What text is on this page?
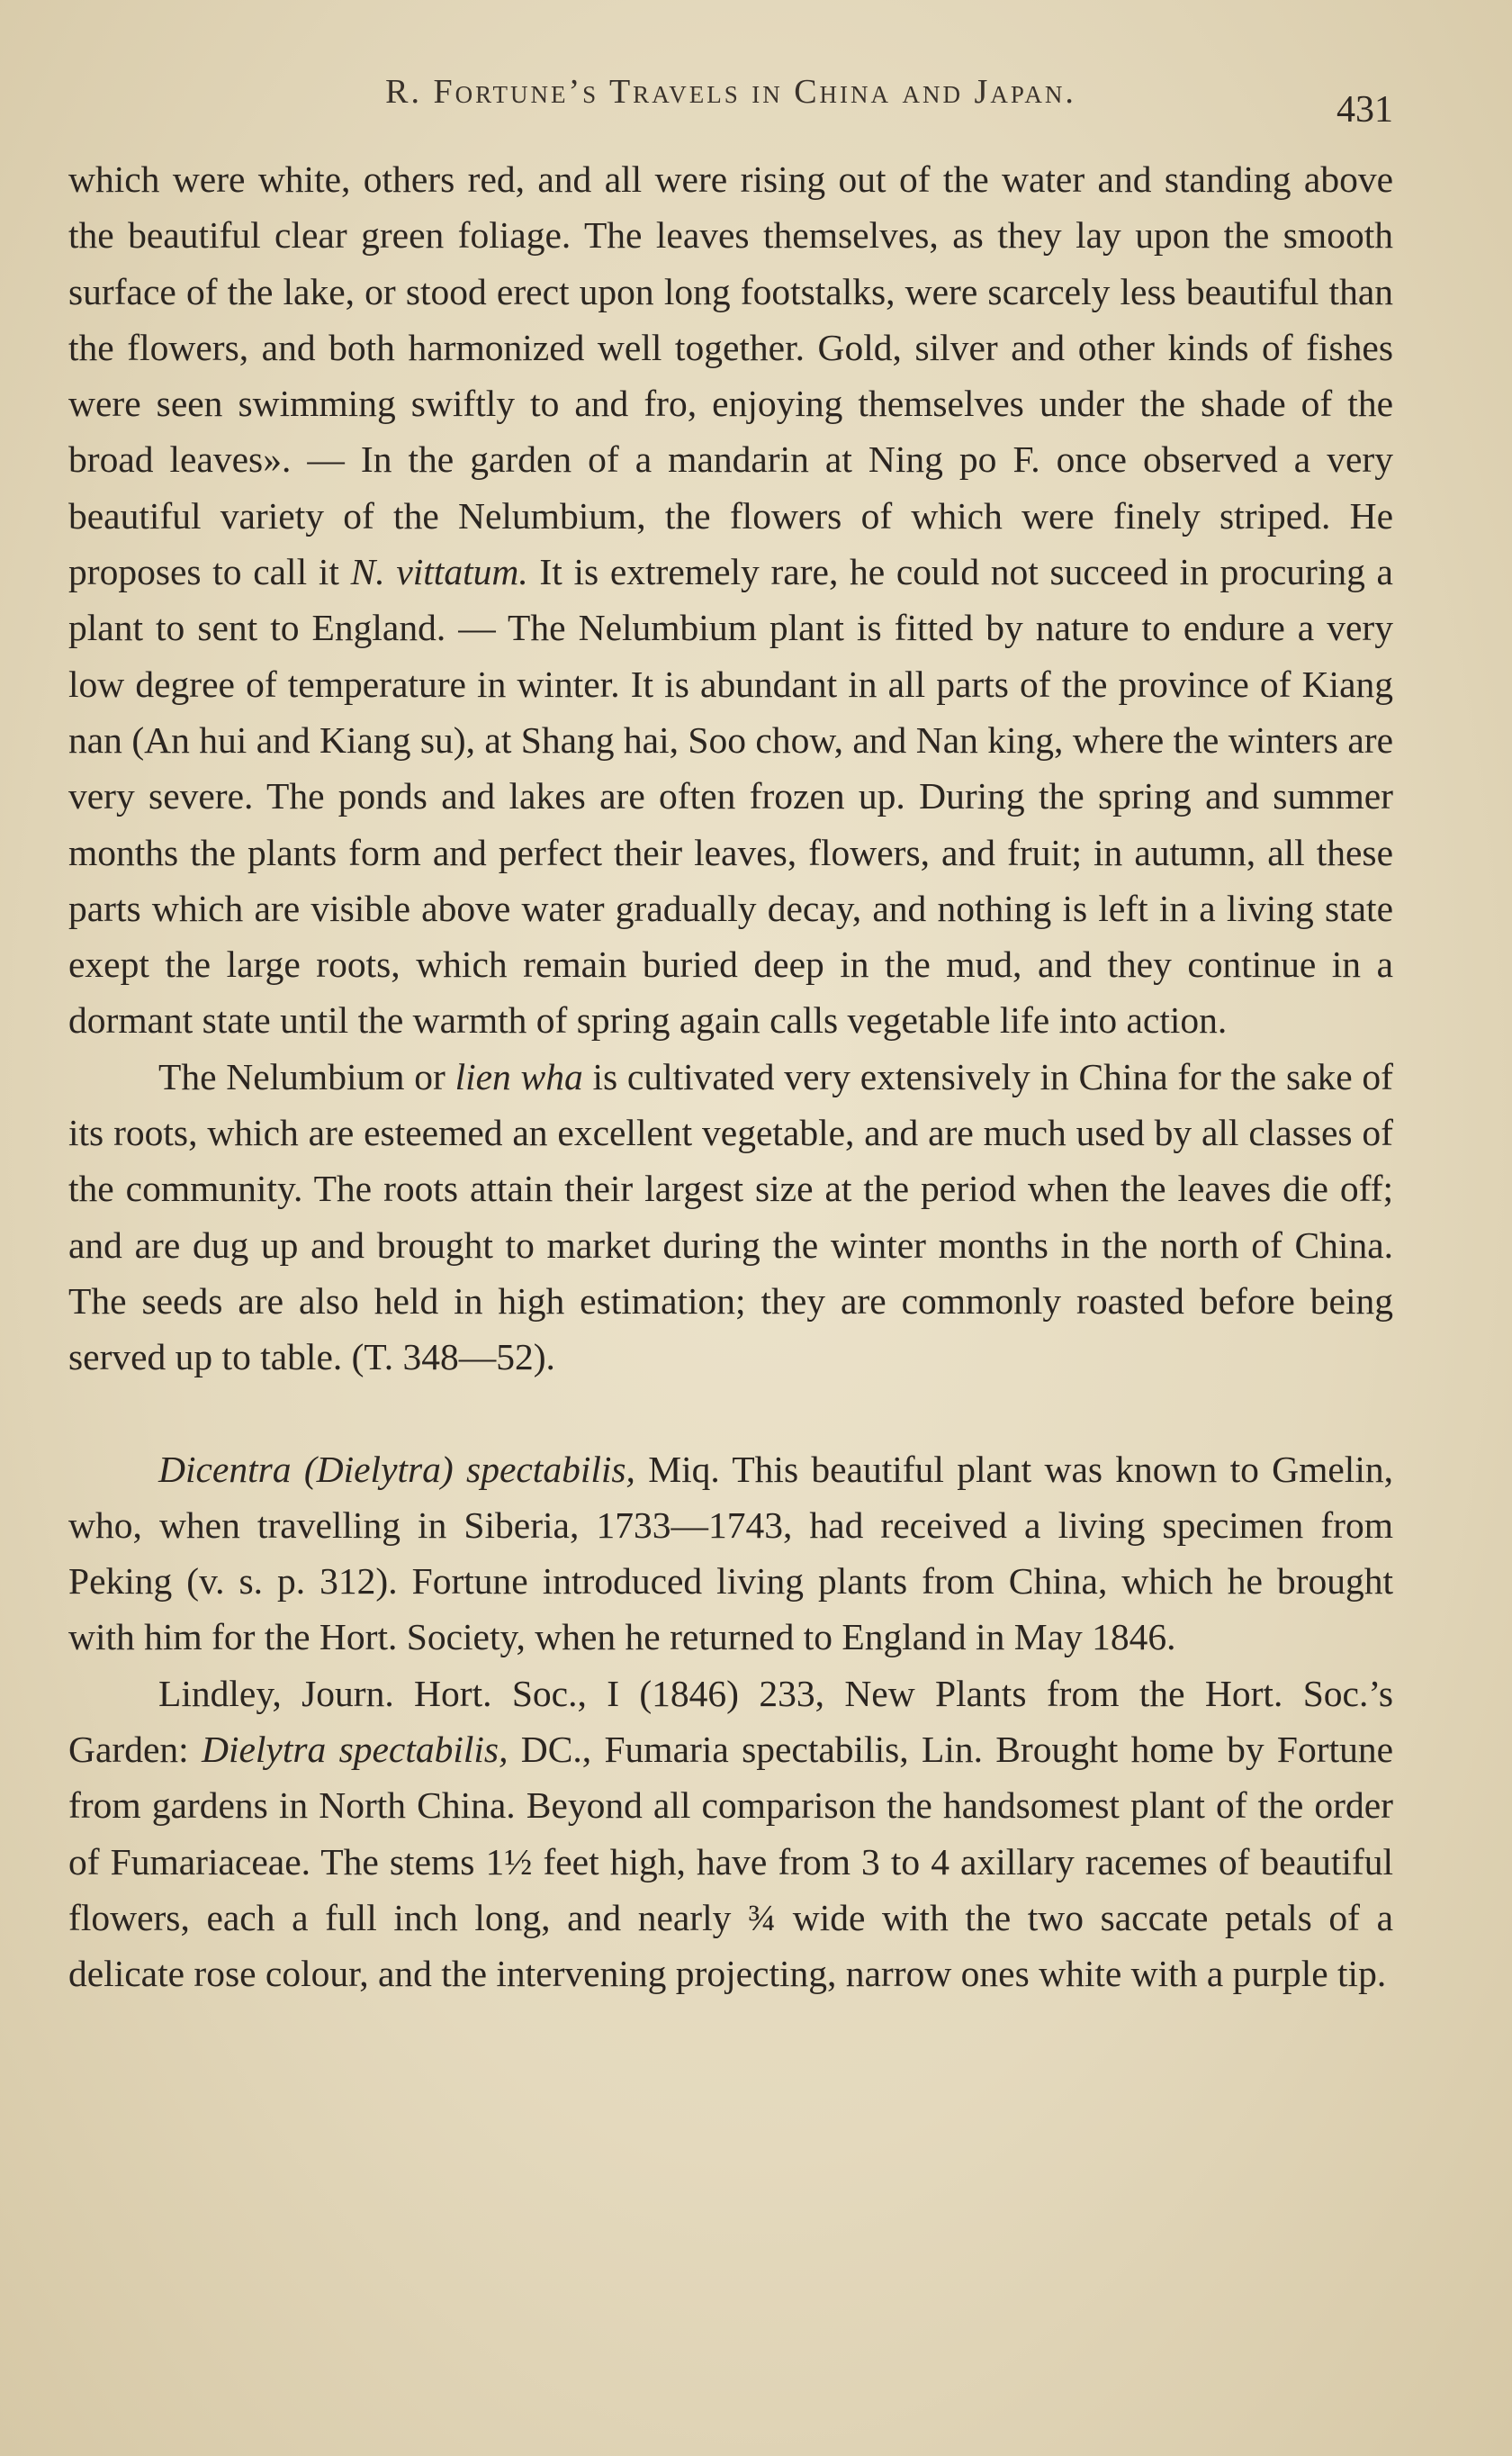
R. Fortune’s Travels in China and Japan.	431

which were white, others red, and all were rising out of the water and standing above the beautiful clear green foliage. The leaves themselves, as they lay upon the smooth surface of the lake, or stood erect upon long footstalks, were scarcely less beautiful than the flowers, and both harmonized well together. Gold, silver and other kinds of fishes were seen swimming swiftly to and fro, enjoying themselves under the shade of the broad leaves». — In the garden of a mandarin at Ning po F. once observed a very beautiful variety of the Nelumbium, the flowers of which were finely striped. He proposes to call it N. vittatum. It is extremely rare, he could not succeed in procuring a plant to sent to England. — The Nelumbium plant is fitted by nature to endure a very low degree of temperature in winter. It is abundant in all parts of the province of Kiang nan (An hui and Kiang su), at Shang hai, Soo chow, and Nan king, where the winters are very severe. The ponds and lakes are often frozen up. During the spring and summer months the plants form and perfect their leaves, flowers, and fruit; in autumn, all these parts which are visible above water gradually decay, and nothing is left in a living state exept the large roots, which remain buried deep in the mud, and they continue in a dormant state until the warmth of spring again calls vegetable life into action.

The Nelumbium or lien wha is cultivated very extensively in China for the sake of its roots, which are esteemed an excellent vegetable, and are much used by all classes of the community. The roots attain their largest size at the period when the leaves die off; and are dug up and brought to market during the winter months in the north of China. The seeds are also held in high estimation; they are commonly roasted before being served up to table. (T. 348—52).

Dicentra (Dielytra) spectabilis, Miq. This beautiful plant was known to Gmelin, who, when travelling in Siberia, 1733—1743, had received a living specimen from Peking (v. s. p. 312). Fortune introduced living plants from China, which he brought with him for the Hort. Society, when he returned to England in May 1846.

Lindley, Journ. Hort. Soc., I (1846) 233, New Plants from the Hort. Soc.’s Garden: Dielytra spectabilis, DC., Fumaria spectabilis, Lin. Brought home by Fortune from gardens in North China. Beyond all comparison the handsomest plant of the order of Fumariaceae. The stems 1½ feet high, have from 3 to 4 axillary racemes of beautiful flowers, each a full inch long, and nearly ¾ wide with the two saccate petals of a delicate rose colour, and the intervening projecting, narrow ones white with a purple tip.
